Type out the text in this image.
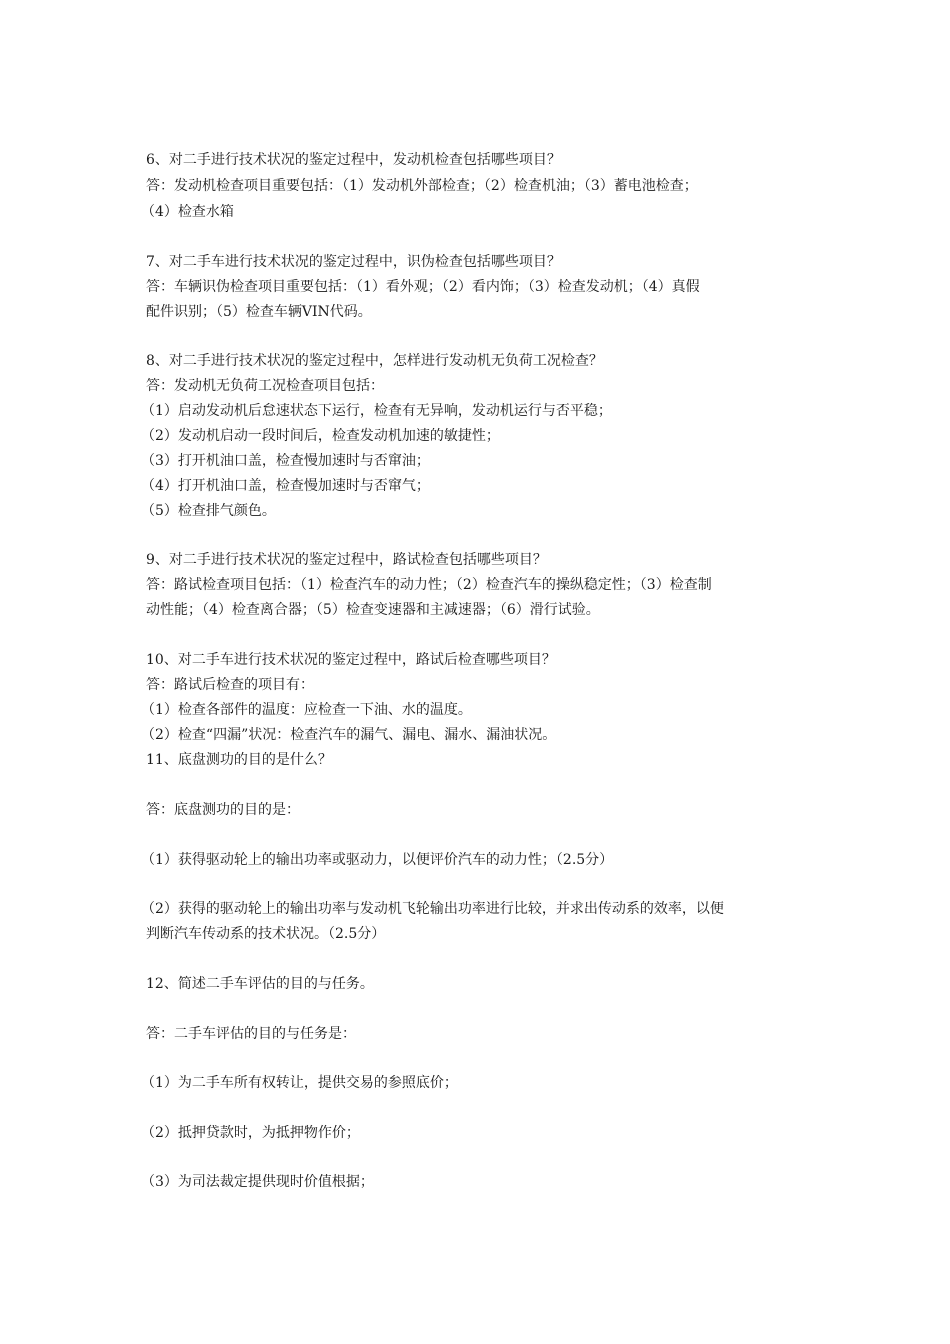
6、对二手进行技术状况的鉴定过程中，发动机检查包括哪些项目？
答：发动机检查项目重要包括：（1）发动机外部检查；（2）检查机油；（3）蓄电池检查；
（4）检查水箱
7、对二手车进行技术状况的鉴定过程中，识伪检查包括哪些项目？
答：车辆识伪检查项目重要包括：（1）看外观；（2）看内饰；（3）检查发动机；（4）真假
配件识别；（5）检查车辆VIN代码。
8、对二手进行技术状况的鉴定过程中，怎样进行发动机无负荷工况检查？
答：发动机无负荷工况检查项目包括：
（1）启动发动机后怠速状态下运行，检查有无异响，发动机运行与否平稳；
（2）发动机启动一段时间后，检查发动机加速的敏捷性；
（3）打开机油口盖，检查慢加速时与否窜油；
（4）打开机油口盖，检查慢加速时与否窜气；
（5）检查排气颜色。
9、对二手进行技术状况的鉴定过程中，路试检查包括哪些项目？
答：路试检查项目包括：（1）检查汽车的动力性；（2）检查汽车的操纵稳定性；（3）检查制
动性能；（4）检查离合器；（5）检查变速器和主减速器；（6）滑行试验。
10、对二手车进行技术状况的鉴定过程中，路试后检查哪些项目？
答：路试后检查的项目有：
（1）检查各部件的温度：应检查一下油、水的温度。
（2）检查“四漏”状况：检查汽车的漏气、漏电、漏水、漏油状况。
11、底盘测功的目的是什么？
答：底盘测功的目的是：
（1）获得驱动轮上的输出功率或驱动力，以便评价汽车的动力性；（2.5分）
（2）获得的驱动轮上的输出功率与发动机飞轮输出功率进行比较，并求出传动系的效率，以便
判断汽车传动系的技术状况。（2.5分）
12、简述二手车评估的目的与任务。
答：二手车评估的目的与任务是：
（1）为二手车所有权转让，提供交易的参照底价；
（2）抵押贷款时，为抵押物作价；
（3）为司法裁定提供现时价值根据；
